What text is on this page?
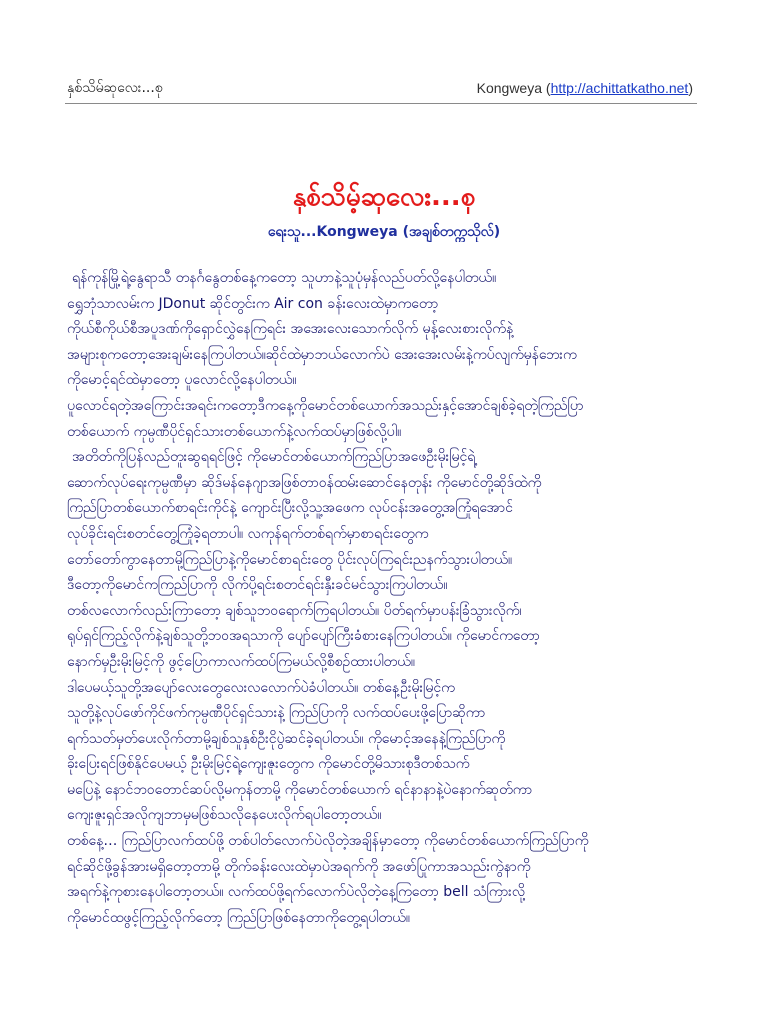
နှစ်သိမ်ဆုလေး...စု	Kongweya (http://achittatkatho.net)
နှစ်သိမ့်ဆုလေး...စု
ရေးသူ...Kongweya (အချစ်တက္ကသိုလ်)
ရန်ကုန်မြို့ရဲ့နွေရာသီ တနင်္ဂနွေတစ်နေ့ကတော့ သူဟာနဲ့သူပုံမှန်လည်ပတ်လို့နေပါတယ်။
ရွှေဘုံသာလမ်းက JDonut ဆိုင်တွင်းက Air con ခန်းလေးထဲမှာကတော့
ကိုယ်စီကိုယ်စီအပူဒဏ်ကိုရှောင်လွှဲနေကြရင်း အအေးလေးသောက်လိုက် မုန့်လေးစားလိုက်နဲ့
အများစုကတော့အေးချမ်းနေကြပါတယ်။ဆိုင်ထဲမှာဘယ်လောက်ပဲ အေးအေးလမ်းနဲ့ကပ်လျက်မှန်ဘေးက
ကိုမောင့်ရင်ထဲမှာတော့ ပူလောင်လို့နေပါတယ်။
ပူလောင်ရတဲ့အကြောင်းအရင်းကတော့ဒီကနေ့ကိုမောင်တစ်ယောက်အသည်းနှင့်အောင်ချစ်ခဲ့ရတဲ့ကြည်ပြာ
တစ်ယောက် ကုမ္ပဏီပိုင်ရှင်သားတစ်ယောက်နဲ့လက်ထပ်မှာဖြစ်လို့ပါ။
အတိတ်ကိုပြန်လည်တူးဆွရရင်ဖြင့် ကိုမောင်တစ်ယောက်ကြည်ပြာအဖေဦးမိုးမြင့်ရဲ့
ဆောက်လုပ်ရေးကုမ္ပဏီမှာ ဆိုဒ်မန်နေဂျာအဖြစ်တာဝန်ထမ်းဆောင်နေတုန်း ကိုမောင်တို့ဆိုဒ်ထဲကို
ကြည်ပြာတစ်ယောက်စာရင်းကိုင်နဲ့ ကျောင်းပြီးလို့သူ့အဖေက လုပ်ငန်းအတွေ့အကြုံရအောင်
လုပ်ခိုင်းရင်းစတင်တွေ့ကြုံခဲ့ရတာပါ။ လကုန်ရက်တစ်ရက်မှာစာရင်းတွေက
တော်တော်ကွာနေတာမို့ကြည်ပြာနဲ့ကိုမောင်စာရင်းတွေ ပိုင်းလုပ်ကြရင်းညနက်သွားပါတယ်။
ဒီတော့ကိုမောင်ကကြည်ပြာကို လိုက်ပို့ရင်းစတင်ရင်းနှီးခင်မင်သွားကြပါတယ်။
တစ်လလောက်လည်းကြာတော့ ချစ်သူဘဝရောက်ကြရပါတယ်။ ပိတ်ရက်မှာပန်းခြံသွားလိုက်၊
ရုပ်ရှင်ကြည့်လိုက်နဲ့ချစ်သူတို့ဘဝအရသာကို ပျော်ပျော်ကြီးခံစားနေကြပါတယ်။ ကိုမောင်ကတော့
နောက်မှဦးမိုးမြင့်ကို ဖွင့်ပြောကာလက်ထပ်ကြမယ်လို့စီစဉ်ထားပါတယ်။
ဒါပေမယ့်သူတို့အပျော်လေးတွေလေးလလောက်ပဲခံပါတယ်။ တစ်နေ့ဦးမိုးမြင့်က
သူတို့နဲ့လုပ်ဖော်ကိုင်ဖက်ကုမ္ပဏီပိုင်ရှင်သားနဲ့ ကြည်ပြာကို လက်ထပ်ပေးဖို့ပြောဆိုကာ
ရက်သတ်မှတ်ပေးလိုက်တာမို့ချစ်သူနှစ်ဦးငိုပွဲဆင်ခဲ့ရပါတယ်။ ကိုမောင့်အနေနဲ့ကြည်ပြာကို
ခိုးပြေးရင်ဖြစ်နိုင်ပေမယ့် ဦးမိုးမြင့်ရဲ့ကျေးဇူးတွေက ကိုမောင်တို့မိသားစုဒီတစ်သက်
မပြေနဲ့ နောင်ဘဝတောင်ဆပ်လို့မကုန်တာမို့ ကိုမောင်တစ်ယောက် ရင်နာနာနဲ့ပဲနောက်ဆုတ်ကာ
ကျေးဇူးရှင်အလိုကျဘာမှမဖြစ်သလိုနေပေးလိုက်ရပါတော့တယ်။
တစ်နေ့… ကြည်ပြာလက်ထပ်ဖို့ တစ်ပါတ်လောက်ပဲလိုတဲ့အချိန်မှာတော့ ကိုမောင်တစ်ယောက်ကြည်ပြာကို
ရင်ဆိုင်ဖို့ခွန်အားမရှိတော့တာမို့ တိုက်ခန်းလေးထဲမှာပဲအရက်ကို အဖော်ပြုကာအသည်းကွဲနာကို
အရက်နဲ့ကုစားနေပါတော့တယ်။ လက်ထပ်ဖို့ရက်လောက်ပဲလိုတဲ့နေ့ကြတော့ bell သံကြားလို့
ကိုမောင်ထဖွင့်ကြည့်လိုက်တော့ ကြည်ပြာဖြစ်နေတာကိုတွေ့ရပါတယ်။
